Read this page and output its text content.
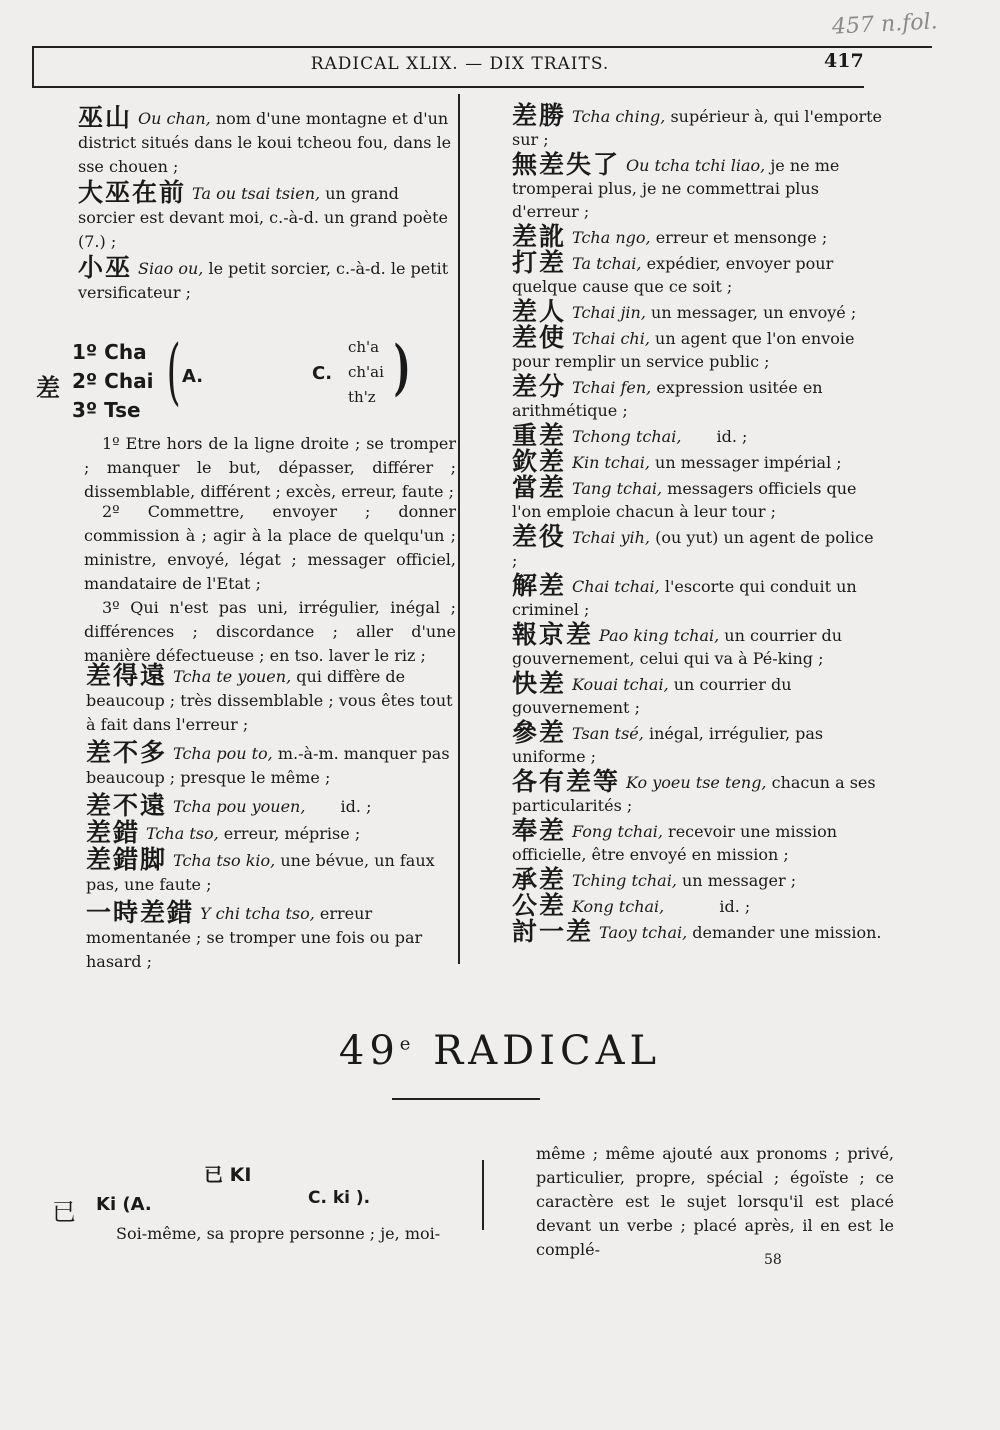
457 n.fol.
RADICAL XLIX. — DIX TRAITS.	417
巫山 Ou chan, nom d'une montagne et d'un district situés dans le koui tcheou fou, dans le sse chouen ;
大巫在前 Ta ou tsai tsien, un grand sorcier est devant moi, c.-à-d. un grand poète (7.) ;
小巫 Siao ou, le petit sorcier, c.-à-d. le petit versificateur ;
差
1º Cha
2º Chai
3º Tse ( A.	C.
ch'a
ch'ai
th'z )
1º Etre hors de la ligne droite ; se tromper ; manquer le but, dépasser, différer ; dissemblable, différent ; excès, erreur, faute ;
2º Commettre, envoyer ; donner commission à ; agir à la place de quelqu'un ; ministre, envoyé, légat ; messager officiel, mandataire de l'Etat ;
3º Qui n'est pas uni, irrégulier, inégal ; différences ; discordance ; aller d'une manière défectueuse ; en tso. laver le riz ;
差得遠 Tcha te youen, qui diffère de beaucoup ; très dissemblable ; vous êtes tout à fait dans l'erreur ;
差不多 Tcha pou to, m.-à-m. manquer pas beaucoup ; presque le même ;
差不遠 Tcha pou youen, id. ;
差錯 Tcha tso, erreur, méprise ;
差錯脚 Tcha tso kio, une bévue, un faux pas, une faute ;
一時差錯 Y chi tcha tso, erreur momentanée ; se tromper une fois ou par hasard ;
差勝 Tcha ching, supérieur à, qui l'emporte sur ;
無差失了 Ou tcha tchi liao, je ne me tromperai plus, je ne commettrai plus d'erreur ;
差訛 Tcha ngo, erreur et mensonge ;
打差 Ta tchai, expédier, envoyer pour quelque cause que ce soit ;
差人 Tchai jin, un messager, un envoyé ;
差使 Tchai chi, un agent que l'on envoie pour remplir un service public ;
差分 Tchai fen, expression usitée en arithmétique ;
重差 Tchong tchai, id. ;
欽差 Kin tchai, un messager impérial ;
當差 Tang tchai, messagers officiels que l'on emploie chacun à leur tour ;
差役 Tchai yih, (ou yut) un agent de police ;
解差 Chai tchai, l'escorte qui conduit un criminel ;
報京差 Pao king tchai, un courrier du gouvernement, celui qui va à Pé-king ;
快差 Kouai tchai, un courrier du gouvernement ;
參差 Tsan tsé, inégal, irrégulier, pas uniforme ;
各有差等 Ko yoeu tse teng, chacun a ses particularités ;
奉差 Fong tchai, recevoir une mission officielle, être envoyé en mission ;
承差 Tching tchai, un messager ;
公差 Kong tchai,	id. ;
討一差 Taoy tchai, demander une mission.
49e RADICAL
已 KI
已 Ki (A.	C. ki ).
Soi-même, sa propre personne ; je, moi-
même ; même ajouté aux pronoms ; privé, particulier, propre, spécial ; égoïste ; ce caractère est le sujet lorsqu'il est placé devant un verbe ; placé après, il en est le complé-
58
